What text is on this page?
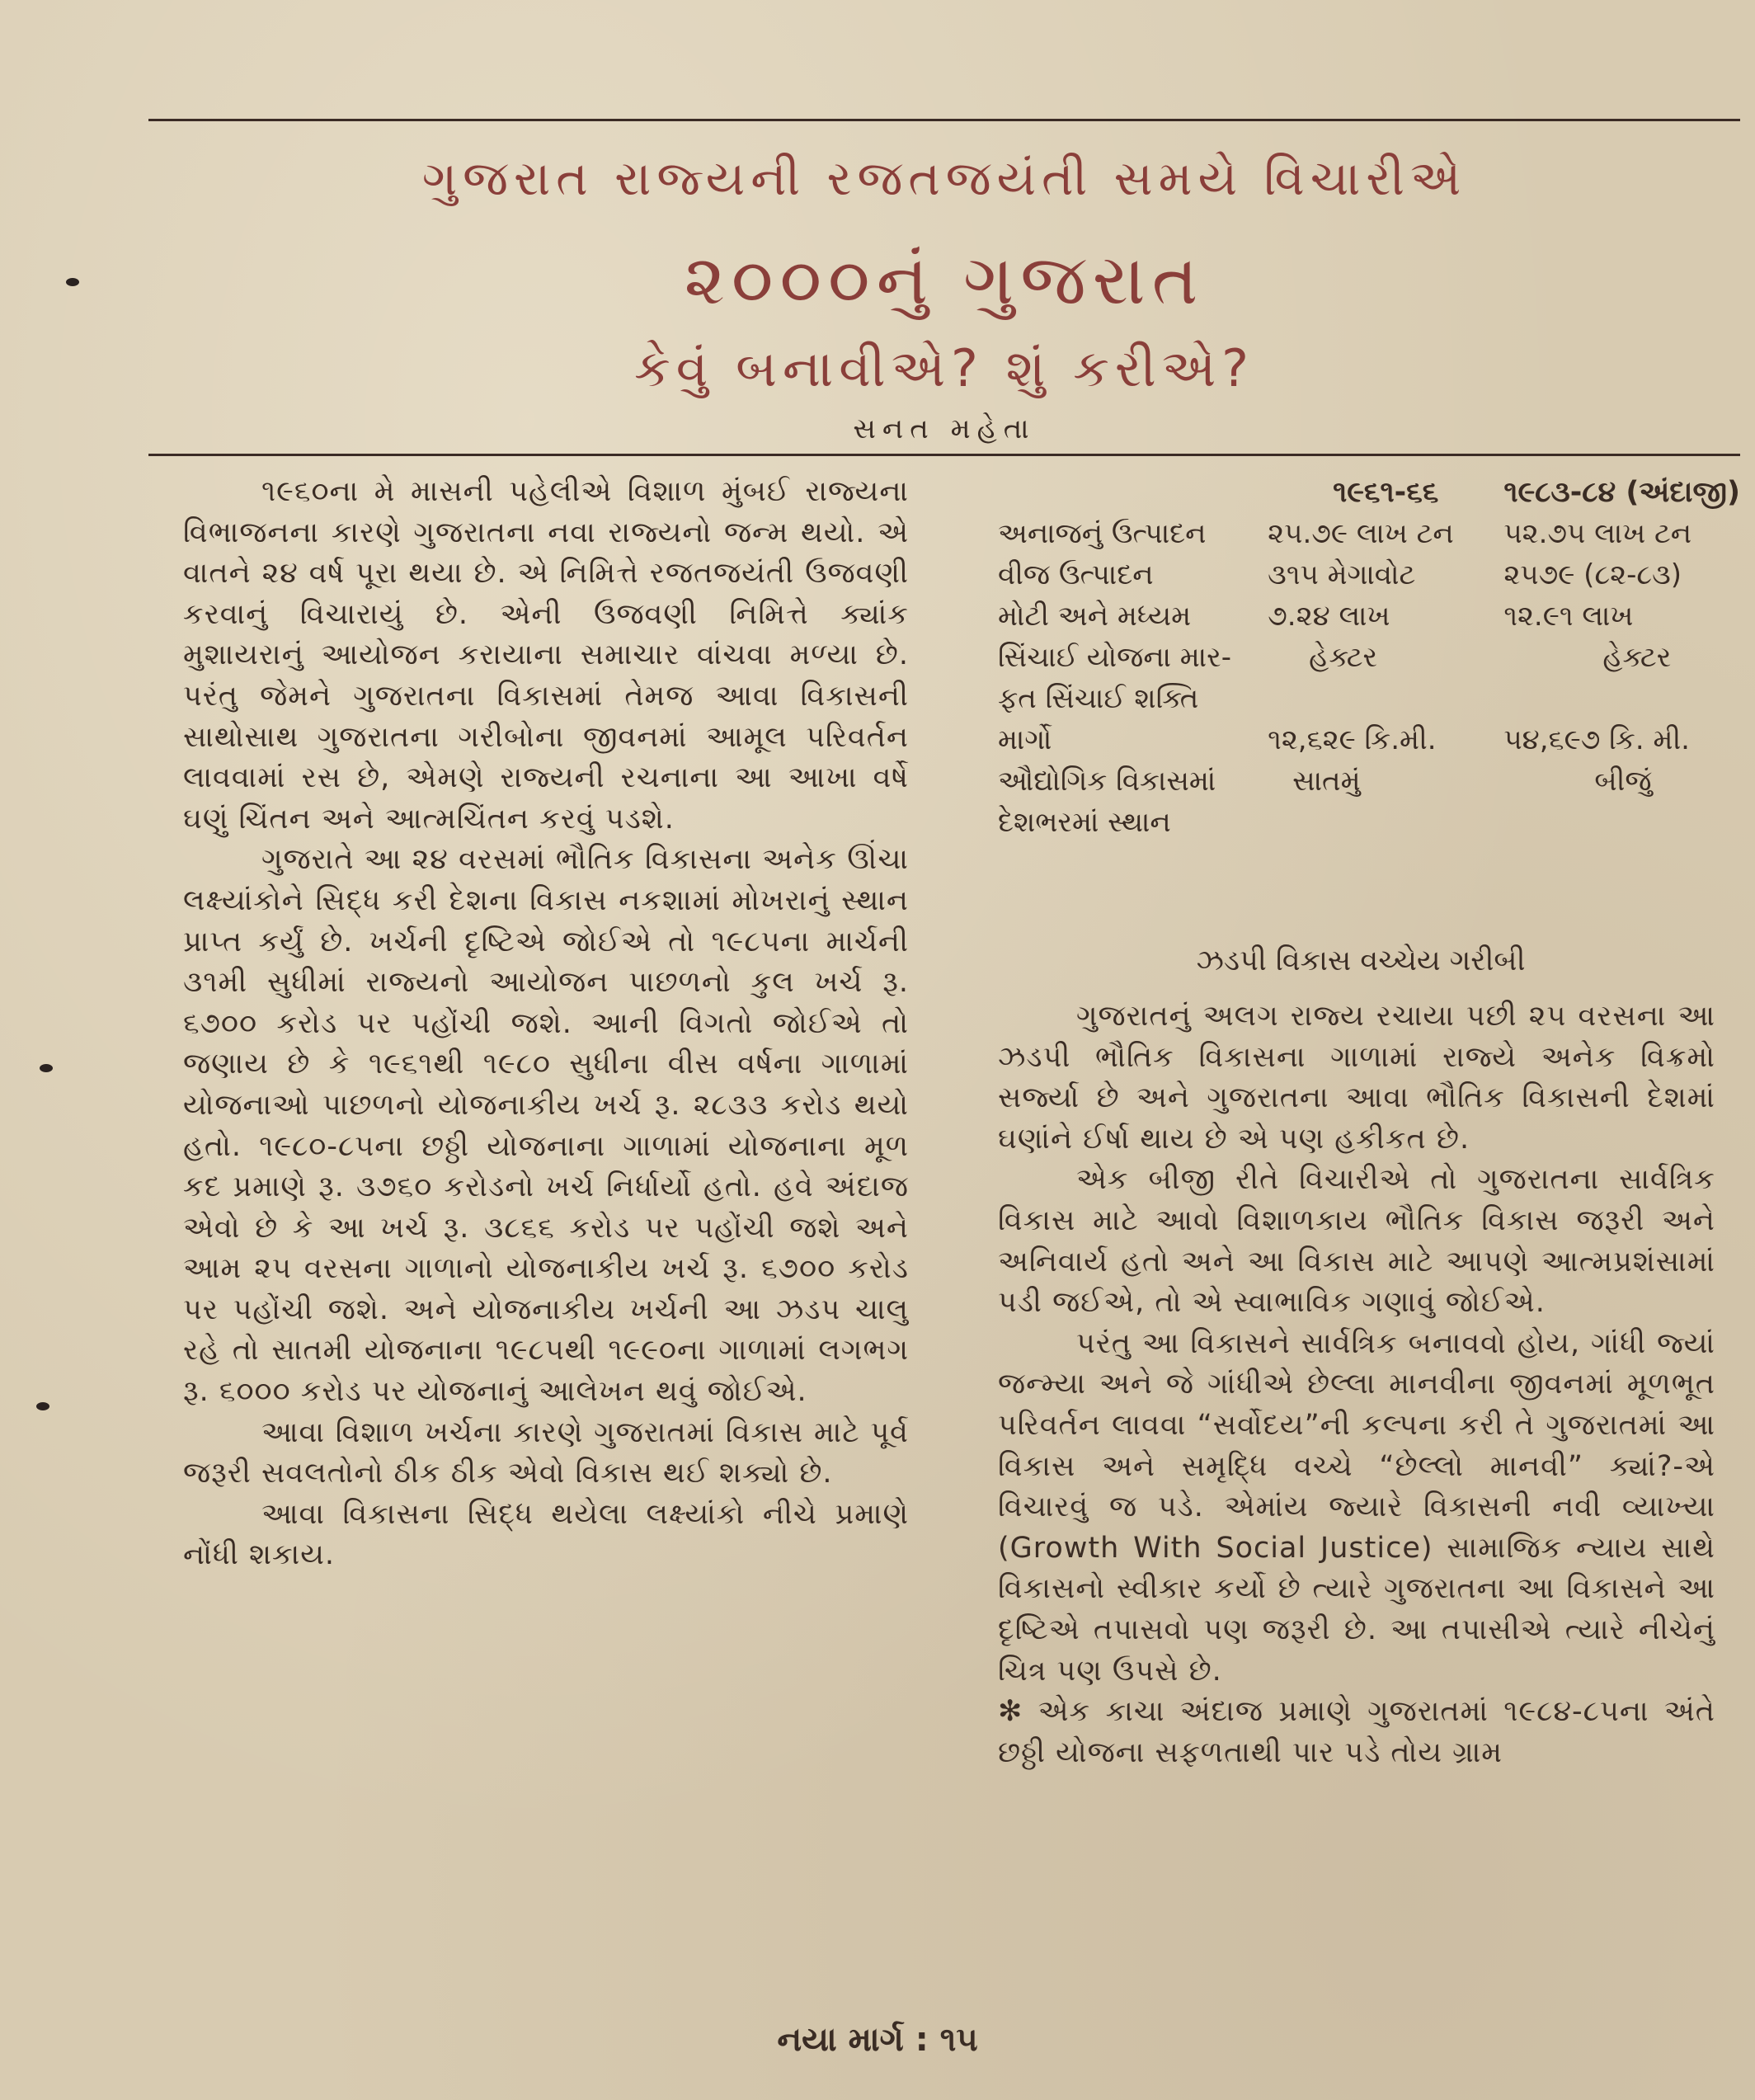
ગુજરાત રાજ્યની રજતજયંતી સમયે વિચારીએ
૨૦૦૦નું ગુજરાત
કેવું બનાવીએ? શું કરીએ?
સનત મહેતા

૧૯૬૦ના મે માસની પહેલીએ વિશાળ મુંબઈ રાજ્યના વિભાજનના કારણે ગુજરાતના નવા રાજ્યનો જન્મ થયો. એ વાતને ૨૪ વર્ષ પૂરા થયા છે. એ નિમિત્તે રજતજયંતી ઉજવણી કરવાનું વિચારાયું છે. એની ઉજવણી નિમિત્તે ક્યાંક મુશાયરાનું આયોજન કરાયાના સમાચાર વાંચવા મળ્યા છે. પરંતુ જેમને ગુજરાતના વિકાસમાં તેમજ આવા વિકાસની સાથોસાથ ગુજરાતના ગરીબોના જીવનમાં આમૂલ પરિવર્તન લાવવામાં રસ છે, એમણે રાજ્યની રચનાના આ આખા વર્ષે ઘણું ચિંતન અને આત્મચિંતન કરવું પડશે.

ગુજરાતે આ ૨૪ વરસમાં ભૌતિક વિકાસના અનેક ઊંચા લક્ષ્યાંકોને સિદ્ધ કરી દેશના વિકાસ નકશામાં મોખરાનું સ્થાન પ્રાપ્ત કર્યું છે. ખર્ચની દૃષ્ટિએ જોઈએ તો ૧૯૮૫ના માર્ચની ૩૧મી સુધીમાં રાજ્યનો આયોજન પાછળનો કુલ ખર્ચ રૂ. ૬૭૦૦ કરોડ પર પહોંચી જશે. આની વિગતો જોઈએ તો જણાય છે કે ૧૯૬૧થી ૧૯૮૦ સુધીના વીસ વર્ષના ગાળામાં યોજનાઓ પાછળનો યોજનાકીય ખર્ચ રૂ. ૨૮૩૩ કરોડ થયો હતો. ૧૯૮૦-૮૫ના છઠ્ઠી યોજનાના ગાળામાં યોજનાના મૂળ કદ પ્રમાણે રૂ. ૩૭૬૦ કરોડનો ખર્ચ નિર્ધાર્યો હતો. હવે અંદાજ એવો છે કે આ ખર્ચ રૂ. ૩૮૬૬ કરોડ પર પહોંચી જશે અને આમ ૨૫ વરસના ગાળાનો યોજનાકીય ખર્ચ રૂ. ૬૭૦૦ કરોડ પર પહોંચી જશે. અને યોજનાકીય ખર્ચની આ ઝડપ ચાલુ રહે તો સાતમી યોજનાના ૧૯૮૫થી ૧૯૯૦ના ગાળામાં લગભગ રૂ. ૬૦૦૦ કરોડ પર યોજનાનું આલેખન થવું જોઈએ.

આવા વિશાળ ખર્ચના કારણે ગુજરાતમાં વિકાસ માટે પૂર્વ જરૂરી સવલતોનો ઠીક ઠીક એવો વિકાસ થઈ શક્યો છે.

આવા વિકાસના સિદ્ધ થયેલા લક્ષ્યાંકો નીચે પ્રમાણે નોંધી શકાય.

	૧૯૬૧-૬૬	૧૯૮૩-૮૪ (અંદાજી)
અનાજનું ઉત્પાદન	૨૫.૭૯ લાખ ટન	૫૨.૭૫ લાખ ટન
વીજ ઉત્પાદન	૩૧૫ મેગાવોટ	૨૫૭૯ (૮૨-૮૩)
મોટી અને મધ્યમ	૭.૨૪ લાખ	૧૨.૯૧ લાખ
સિંચાઈ યોજના માર-	હેક્ટર	હેક્ટર
ફત સિંચાઈ શક્તિ		
માર્ગો	૧૨,૬૨૯ કિ.મી.	૫૪,૬૯૭ કિ. મી.
ઔદ્યોગિક વિકાસમાં	સાતમું	બીજું
દેશભરમાં સ્થાન		
ઝડપી વિકાસ વચ્ચેય ગરીબી

ગુજરાતનું અલગ રાજ્ય રચાયા પછી ૨૫ વરસના આ ઝડપી ભૌતિક વિકાસના ગાળામાં રાજ્યે અનેક વિક્રમો સર્જ્યા છે અને ગુજરાતના આવા ભૌતિક વિકાસની દેશમાં ઘણાંને ઈર્ષા થાય છે એ પણ હકીકત છે.

એક બીજી રીતે વિચારીએ તો ગુજરાતના સાર્વત્રિક વિકાસ માટે આવો વિશાળકાય ભૌતિક વિકાસ જરૂરી અને અનિવાર્ય હતો અને આ વિકાસ માટે આપણે આત્મપ્રશંસામાં પડી જઈએ, તો એ સ્વાભાવિક ગણાવું જોઈએ.

પરંતુ આ વિકાસને સાર્વત્રિક બનાવવો હોય, ગાંધી જ્યાં જન્મ્યા અને જે ગાંધીએ છેલ્લા માનવીના જીવનમાં મૂળભૂત પરિવર્તન લાવવા “સર્વોદય”ની કલ્પના કરી તે ગુજરાતમાં આ વિકાસ અને સમૃદ્ધિ વચ્ચે “છેલ્લો માનવી” ક્યાં?-એ વિચારવું જ પડે. એમાંય જ્યારે વિકાસની નવી વ્યાખ્યા (Growth With Social Justice) સામાજિક ન્યાય સાથે વિકાસનો સ્વીકાર કર્યો છે ત્યારે ગુજરાતના આ વિકાસને આ દૃષ્ટિએ તપાસવો પણ જરૂરી છે. આ તપાસીએ ત્યારે નીચેનું ચિત્ર પણ ઉપસે છે.

✻ એક કાચા અંદાજ પ્રમાણે ગુજરાતમાં ૧૯૮૪-૮૫ના અંતે છઠ્ઠી યોજના સફળતાથી પાર પડે તોય ગ્રામ

નયા માર્ગ : ૧૫
